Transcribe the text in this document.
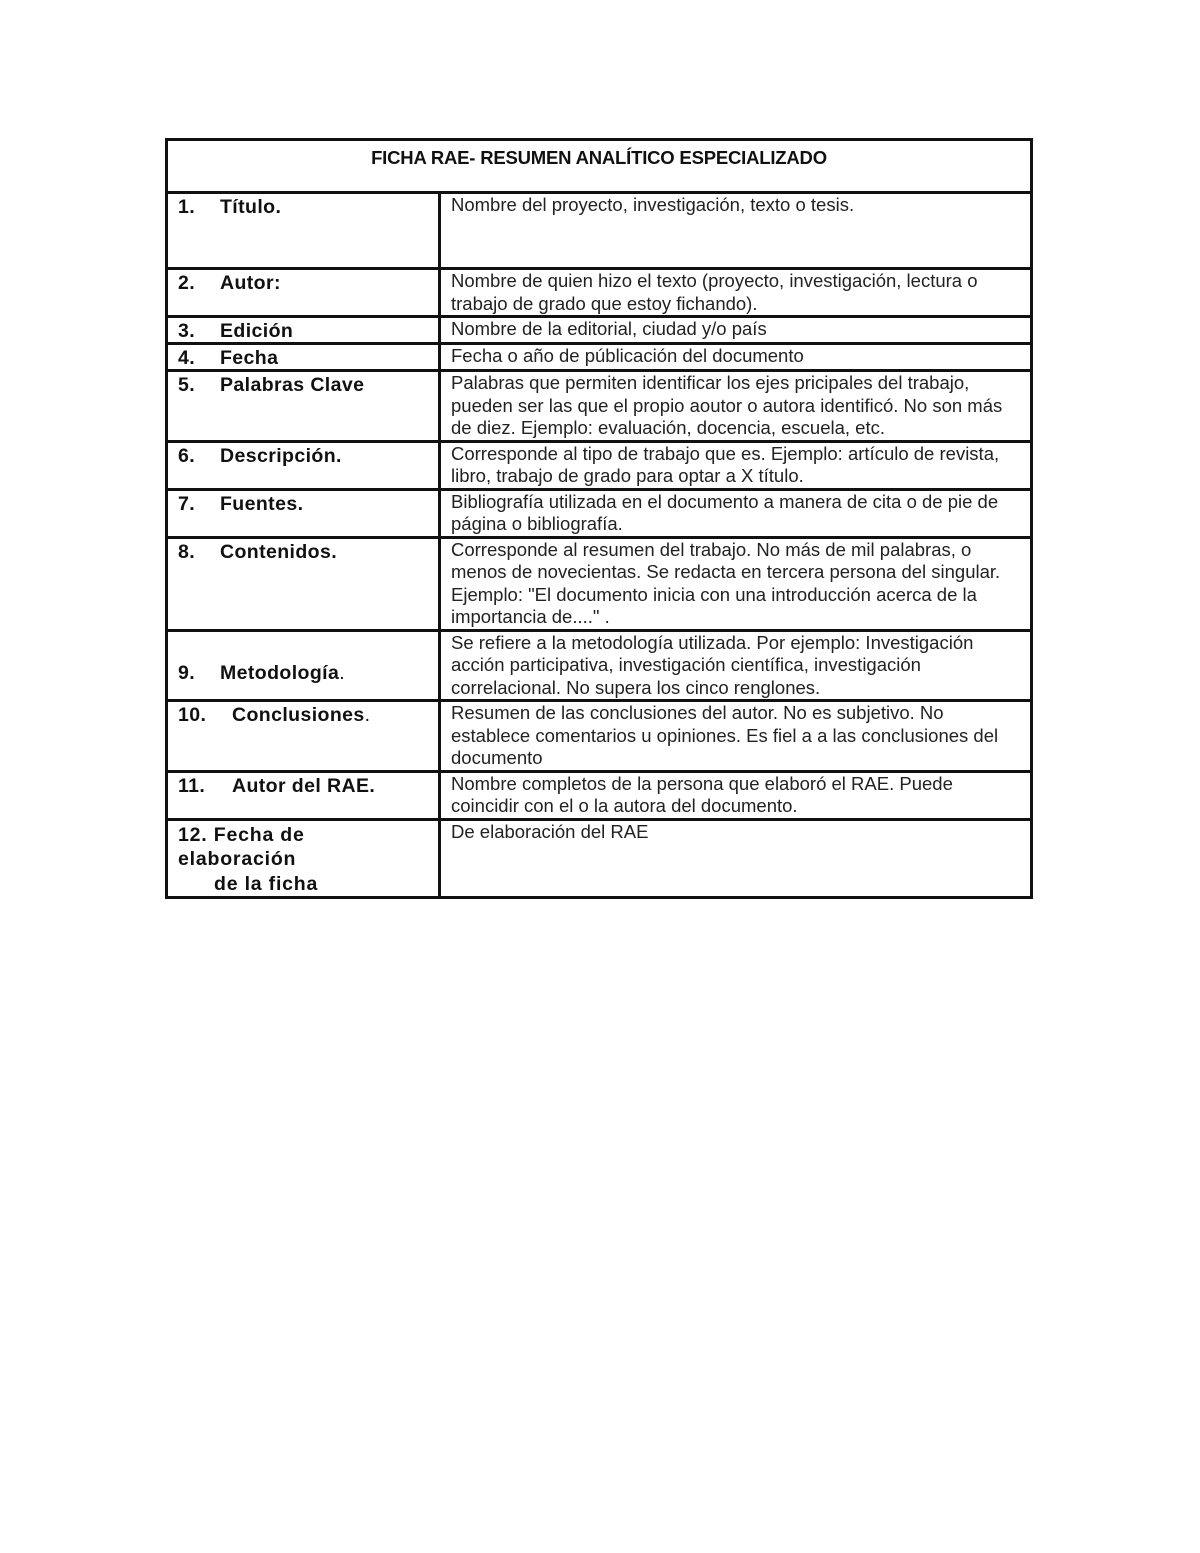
FICHA RAE- RESUMEN ANALÍTICO ESPECIALIZADO	
1. Título.	Nombre del proyecto, investigación, texto o tesis.
2. Autor:	Nombre de quien hizo el texto (proyecto, investigación, lectura o trabajo de grado que estoy fichando).
3. Edición	Nombre de la editorial, ciudad y/o país
4. Fecha	Fecha o año de públicación del documento
5. Palabras Clave	Palabras que permiten identificar los ejes pricipales del trabajo, pueden ser las que el propio aoutor o autora identificó. No son más de diez. Ejemplo: evaluación, docencia, escuela, etc.
6. Descripción.	Corresponde al tipo de trabajo que es. Ejemplo: artículo de revista, libro, trabajo de grado para optar a X título.
7. Fuentes.	Bibliografía utilizada en el documento a manera de cita o de pie de página o bibliografía.
8. Contenidos.	Corresponde al resumen del trabajo. No más de mil palabras, o menos de novecientas. Se redacta en tercera persona del singular. Ejemplo: "El documento inicia con una introducción acerca de la importancia de...." .

9. Metodología.	Se refiere a la metodología utilizada. Por ejemplo: Investigación acción participativa, investigación científica, investigación correlacional. No supera los cinco renglones.
10. Conclusiones.	Resumen de las conclusiones del autor. No es subjetivo. No establece comentarios u opiniones. Es fiel a a las conclusiones del documento
11. Autor del RAE.	Nombre completos de la persona que elaboró el RAE. Puede coincidir con el o la autora del documento.

12. Fecha de
elaboración
de la ficha	De elaboración del RAE
